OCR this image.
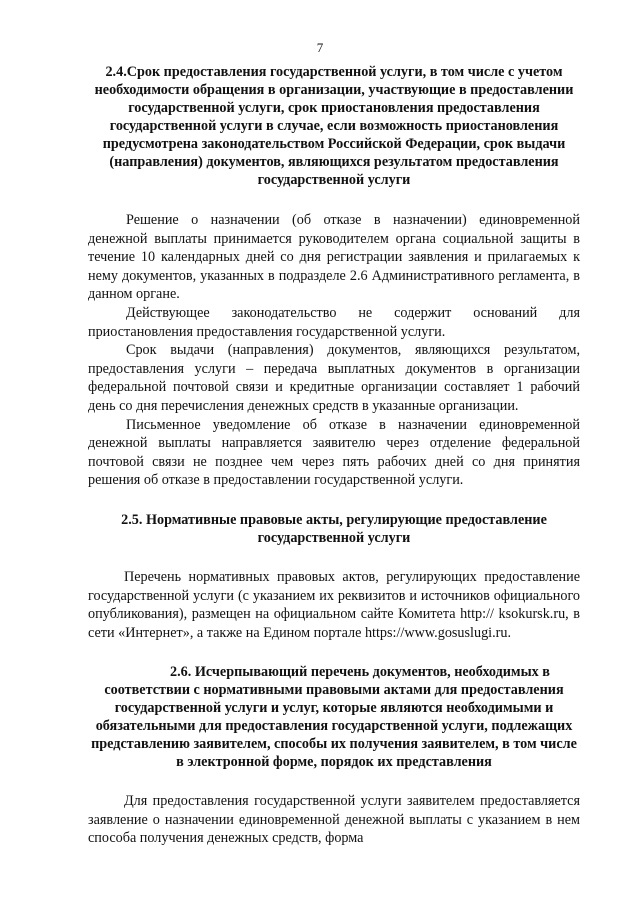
7

2.4.Срок предоставления государственной услуги, в том числе с учетом необходимости обращения в организации, участвующие в предоставлении государственной услуги, срок приостановления предоставления государственной услуги в случае, если возможность приостановления предусмотрена законодательством Российской Федерации, срок выдачи (направления) документов, являющихся результатом предоставления государственной услуги

Решение о назначении (об отказе в назначении) единовременной денежной выплаты принимается руководителем органа социальной защиты в течение 10 календарных дней со дня регистрации заявления и прилагаемых к нему документов, указанных в подразделе 2.6 Административного регламента, в данном органе.

Действующее законодательство не содержит оснований для приостановления предоставления государственной услуги.

Срок выдачи (направления) документов, являющихся результатом, предоставления услуги – передача выплатных документов в организации федеральной почтовой связи и кредитные организации составляет 1 рабочий день со дня перечисления денежных средств в указанные организации.

Письменное уведомление об отказе в назначении единовременной денежной выплаты направляется заявителю через отделение федеральной почтовой связи не позднее чем через пять рабочих дней со дня принятия решения об отказе в предоставлении государственной услуги.

2.5. Нормативные правовые акты, регулирующие предоставление государственной услуги

Перечень нормативных правовых актов, регулирующих предоставление государственной услуги (с указанием их реквизитов и источников официального опубликования), размещен на официальном сайте Комитета http:// ksokursk.ru, в сети «Интернет», а также на Едином портале https://www.gosuslugi.ru.

2.6. Исчерпывающий перечень документов, необходимых в соответствии с нормативными правовыми актами для предоставления государственной услуги и услуг, которые являются необходимыми и обязательными для предоставления государственной услуги, подлежащих представлению заявителем, способы их получения заявителем, в том числе в электронной форме, порядок их представления

Для предоставления государственной услуги заявителем предоставляется заявление о назначении единовременной денежной выплаты с указанием в нем способа получения денежных средств, форма
